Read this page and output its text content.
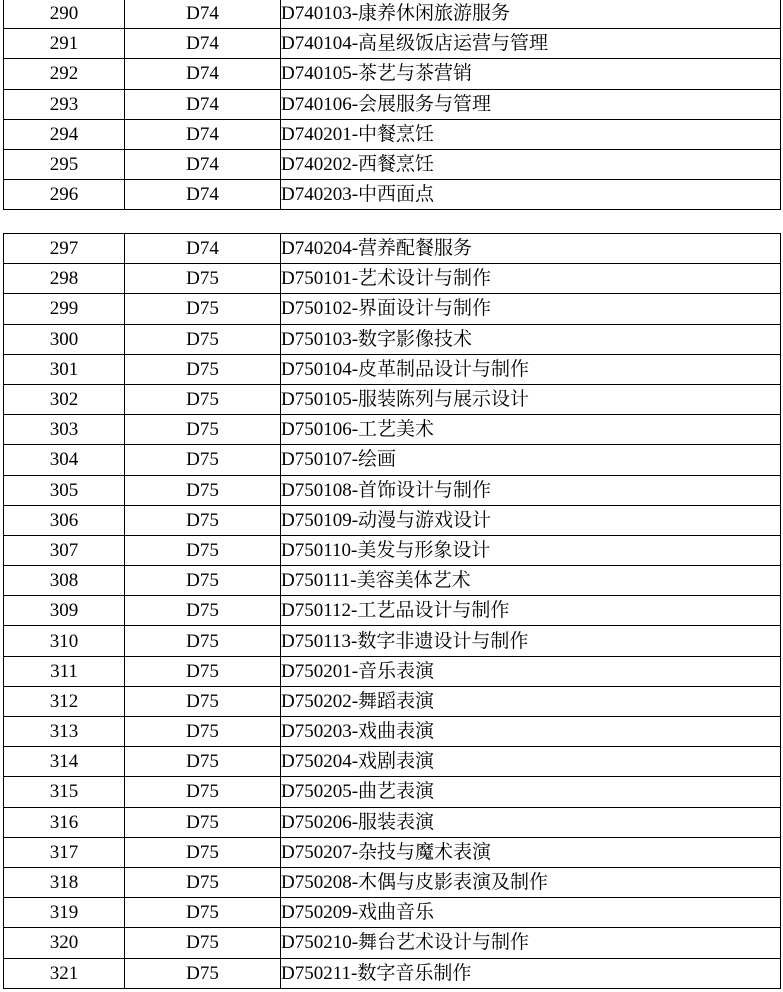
290	D74	D740103-康养休闲旅游服务
291	D74	D740104-高星级饭店运营与管理
292	D74	D740105-茶艺与茶营销
293	D74	D740106-会展服务与管理
294	D74	D740201-中餐烹饪
295	D74	D740202-西餐烹饪
296	D74	D740203-中西面点
297	D74	D740204-营养配餐服务
298	D75	D750101-艺术设计与制作
299	D75	D750102-界面设计与制作
300	D75	D750103-数字影像技术
301	D75	D750104-皮革制品设计与制作
302	D75	D750105-服装陈列与展示设计
303	D75	D750106-工艺美术
304	D75	D750107-绘画
305	D75	D750108-首饰设计与制作
306	D75	D750109-动漫与游戏设计
307	D75	D750110-美发与形象设计
308	D75	D750111-美容美体艺术
309	D75	D750112-工艺品设计与制作
310	D75	D750113-数字非遗设计与制作
311	D75	D750201-音乐表演
312	D75	D750202-舞蹈表演
313	D75	D750203-戏曲表演
314	D75	D750204-戏剧表演
315	D75	D750205-曲艺表演
316	D75	D750206-服装表演
317	D75	D750207-杂技与魔术表演
318	D75	D750208-木偶与皮影表演及制作
319	D75	D750209-戏曲音乐
320	D75	D750210-舞台艺术设计与制作
321	D75	D750211-数字音乐制作
